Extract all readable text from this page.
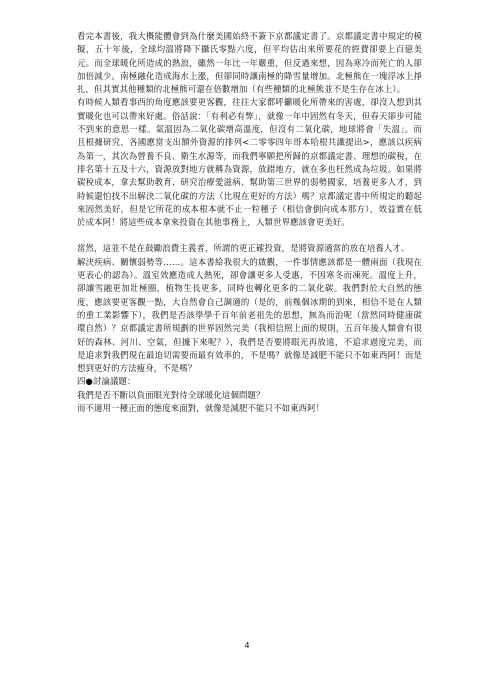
看完本書後，我大概能體會到為什麼美國始終不簽下京都議定書了。京都議定書中規定的模擬，五十年後，全球均溫將降下攝氏零點六度，但平均估出來所要花的經費卻要上百億美元。而全球暖化所造成的熱浪，雖然一年比一年嚴重，但反過來想，因為寒冷而死亡的人卻加倍減少。南極融化造成海水上漲，但卻同時讓南極的降雪量增加。北極熊在一塊浮冰上掙扎，但其實其他種類的北極熊可還在倍數增加（有些種類的北極熊並不是生存在冰上）。

有時候人類看事西的角度應該要更客觀，往往大家都呼籲暖化所帶來的害處，卻沒人想到其實暖化也可以帶來好處。俗話說：「有利必有弊」，就像一年中固然有冬天，但春天卻步可能不到來的意思一樣。氣溫因為二氧化碳增高溫度，但沒有二氧化碳，地球將會「失溫」。而且根據研究，各國應當支出額外資源的排列<二零零四年哥本哈根共識提出>，應該以疾病為第一，其次為營養不良、衛生水源等，而我們寧願把所歸的京都議定書、理想的碳稅，在排名第十五及十六，資源放對地方就稱為資源，放錯地方，就在多也枉然成為垃圾。如果將碳稅成本，拿去幫助教育、研究治療愛滋病、幫助第三世界的弱勢國家，培養更多人才，到時候還怕找不出解決二氧化碳的方法（比現在更好的方法）嗎？京都議定書中所規定的聽起來固然美好，但是它所花的成本根本就不止一粒種子（相信會倒向成本那方），效益實在低於成本阿！將這些成本拿來投資在其他事務上，人類世界應該會更美好。

當然，這並不是在鼓勵浪費主義者，所謂的更正確投資，是將資源適當的放在培養人才、

解決疾病、關懷弱勢等……。這本書給我很大的啟觀，一件事情應該都是一體兩面（我現在更表心的認為）。溫室效應造成人熱死，卻會讓更多人受惠，不因寒冬而凍死。溫度上升，卻讓雪融更加壯極圈，植物生長更多，同時也轉化更多的二氧化碳。我們對於大自然的態度，應該要更客觀一點，大自然會自己調適的（是的，前幾個冰期的到來，相信不是在人類的重工業影響下），我們是否該學學千百年前老祖先的思想，無為而治呢（當然同時健康碳環自然）？京都議定書所規劃的世界固然完美（我相信照上面的規則，五百年後人類會有很好的森林、河川、空氣，但據下來呢？），我們是否要將眼光再放遠，不追求過度完美，而是追求對我們現在最迫切需要而最有效率的，不是嗎？就像是減肥不能只不如東西阿！而是想到更好的方法瘦身，不是嗎？

四●討論議題：

我們是否不斷以負面眼光對待全球暖化這個問題？

而不適用一種正面的態度來面對，就像是減肥不能只不如東西阿！

4
